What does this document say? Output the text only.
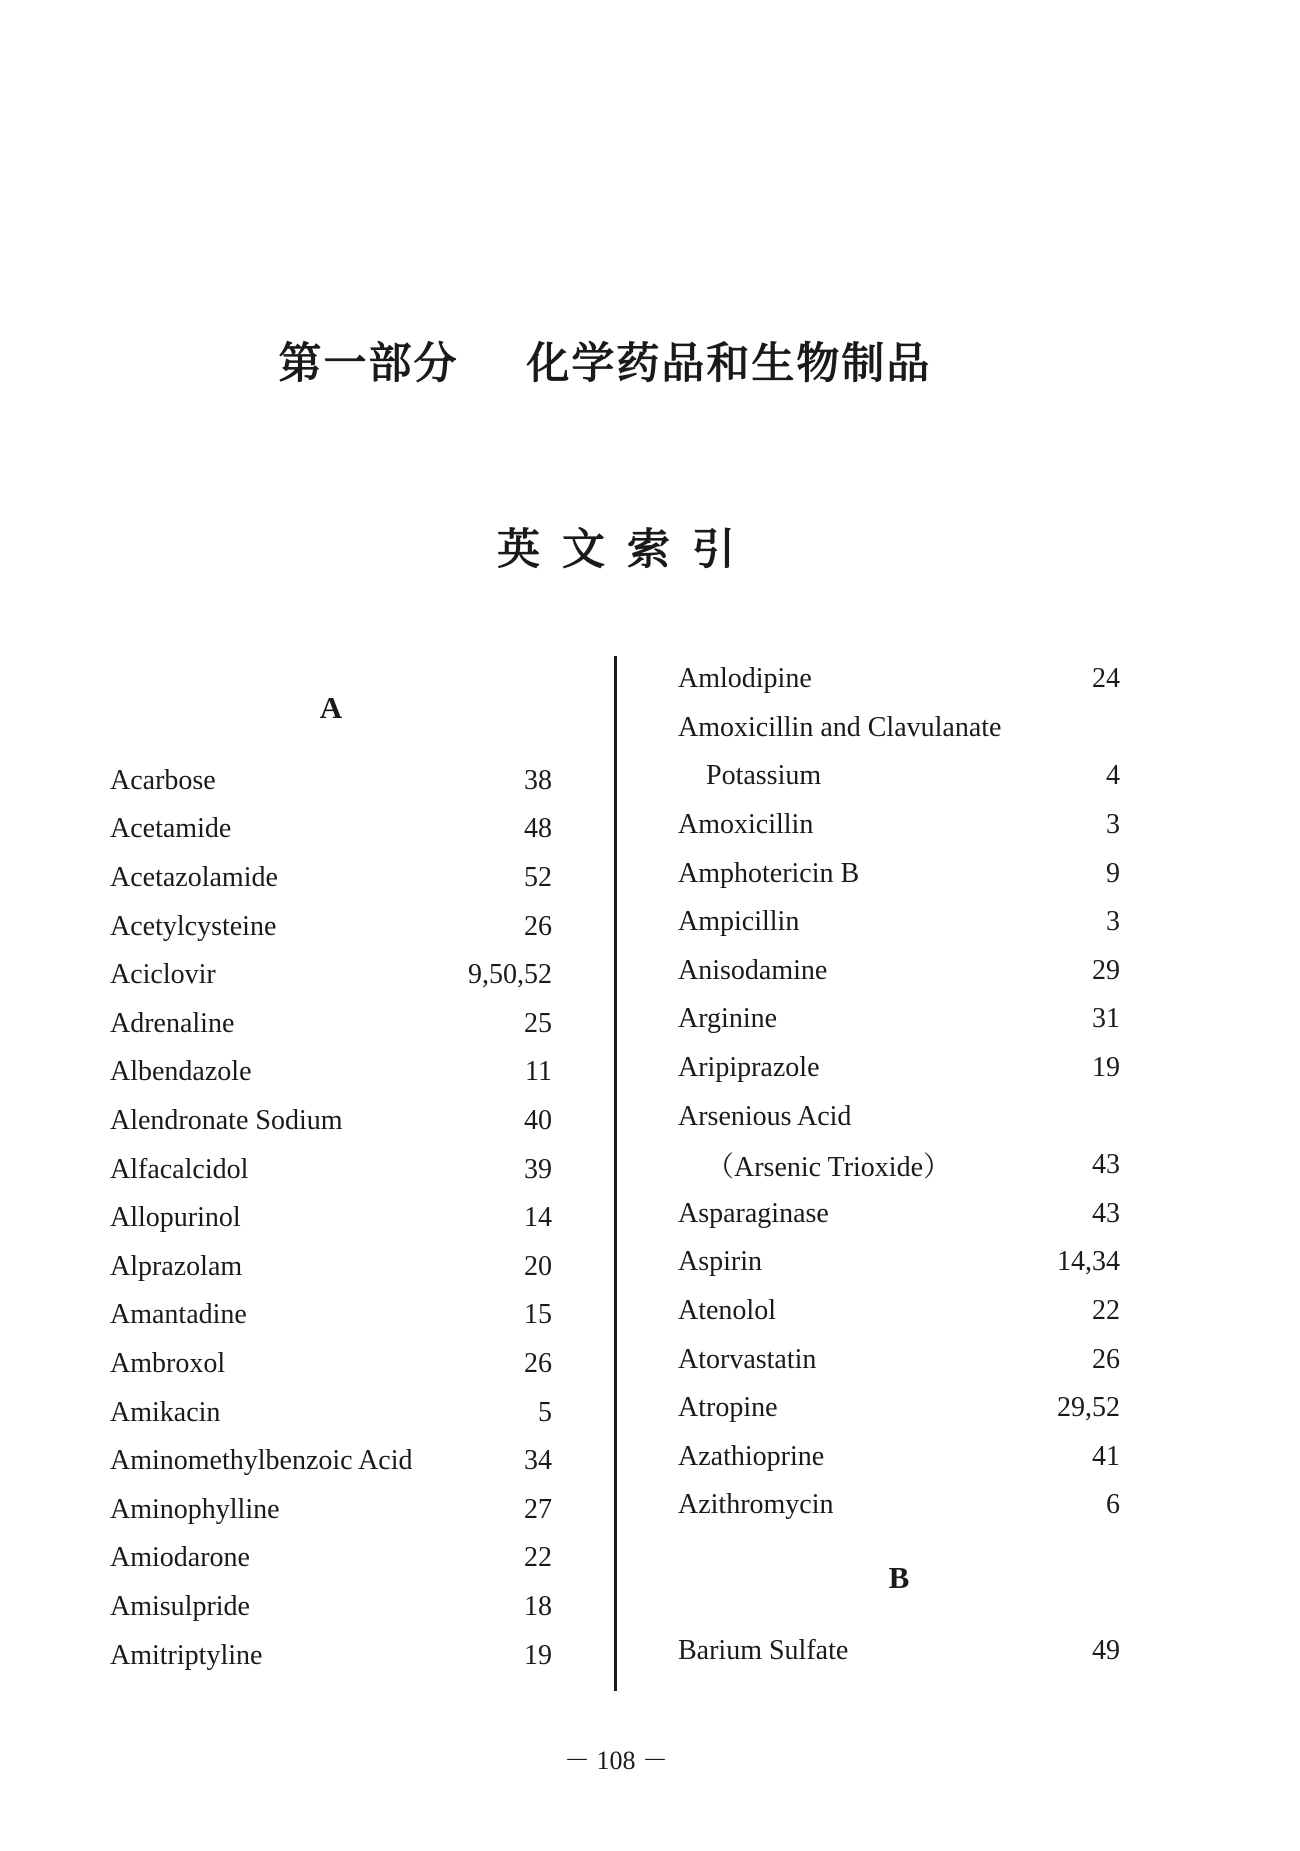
第一部分    化学药品和生物制品
英文索引
A
Acarbose	38
Acetamide	48
Acetazolamide	52
Acetylcysteine	26
Aciclovir	9,50,52
Adrenaline	25
Albendazole	11
Alendronate Sodium	40
Alfacalcidol	39
Allopurinol	14
Alprazolam	20
Amantadine	15
Ambroxol	26
Amikacin	5
Aminomethylbenzoic Acid	34
Aminophylline	27
Amiodarone	22
Amisulpride	18
Amitriptyline	19
Amlodipine	24
Amoxicillin and Clavulanate
Potassium	4
Amoxicillin	3
Amphotericin B	9
Ampicillin	3
Anisodamine	29
Arginine	31
Aripiprazole	19
Arsenious Acid
（Arsenic Trioxide）	43
Asparaginase	43
Aspirin	14,34
Atenolol	22
Atorvastatin	26
Atropine	29,52
Azathioprine	41
Azithromycin	6
B
Barium Sulfate	49
－ 108 －
